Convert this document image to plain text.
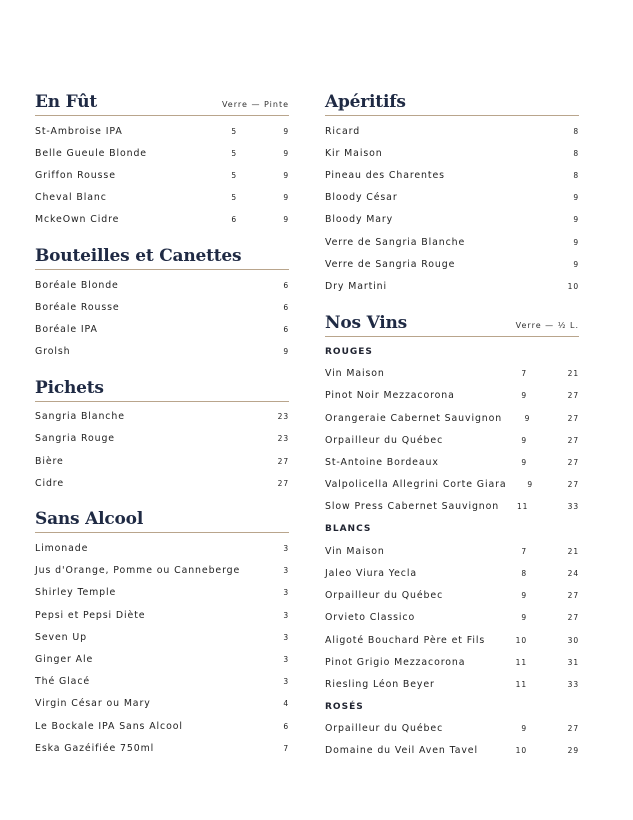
En Fût	Verre — Pinte
St-Ambroise IPA	5	9
Belle Gueule Blonde	5	9
Griffon Rousse	5	9
Cheval Blanc	5	9
MckeOwn Cidre	6	9
Bouteilles et Canettes
Boréale Blonde	6
Boréale Rousse	6
Boréale IPA	6
Grolsh	9
Pichets
Sangria Blanche	23
Sangria Rouge	23
Bière	27
Cidre	27
Sans Alcool
Limonade	3
Jus d'Orange, Pomme ou Canneberge	3
Shirley Temple	3
Pepsi et Pepsi Diète	3
Seven Up	3
Ginger Ale	3
Thé Glacé	3
Virgin César ou Mary	4
Le Bockale IPA Sans Alcool	6
Eska Gazéifiée 750ml	7
Apéritifs
Ricard	8
Kir Maison	8
Pineau des Charentes	8
Bloody César	9
Bloody Mary	9
Verre de Sangria Blanche	9
Verre de Sangria Rouge	9
Dry Martini	10
Nos Vins	Verre — ½ L.
ROUGES
Vin Maison	7	21
Pinot Noir Mezzacorona	9	27
Orangeraie Cabernet Sauvignon	9	27
Orpailleur du Québec	9	27
St-Antoine Bordeaux	9	27
Valpolicella Allegrini Corte Giara	9	27
Slow Press Cabernet Sauvignon	11	33
BLANCS
Vin Maison	7	21
Jaleo Viura Yecla	8	24
Orpailleur du Québec	9	27
Orvieto Classico	9	27
Aligoté Bouchard Père et Fils	10	30
Pinot Grigio Mezzacorona	11	31
Riesling Léon Beyer	11	33
ROSÉS
Orpailleur du Québec	9	27
Domaine du Veil Aven Tavel	10	29
